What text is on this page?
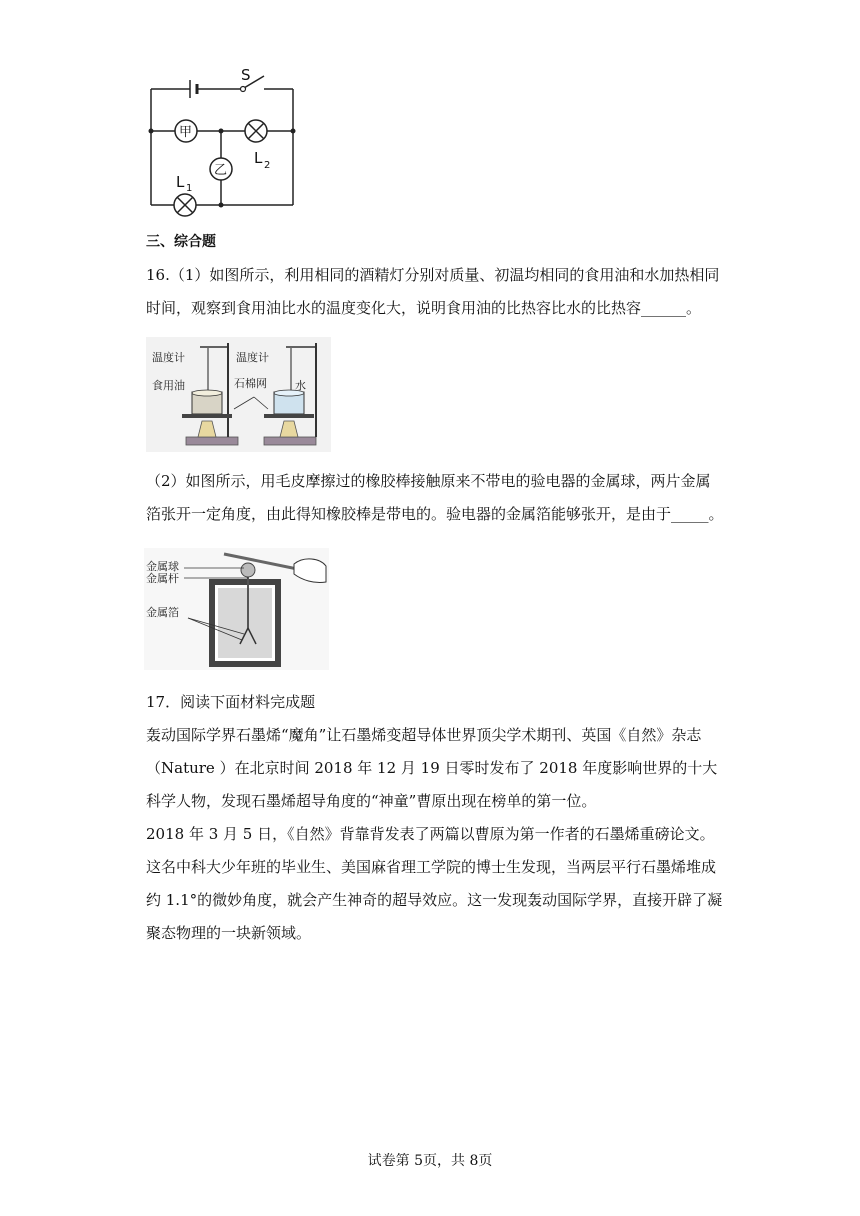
S
甲
乙
L 2
L 1
三、综合题
16.（1）如图所示，利用相同的酒精灯分别对质量、初温均相同的食用油和水加热相同
时间，观察到食用油比水的温度变化大，说明食用油的比热容比水的比热容______。
温度计
食用油
温度计
石棉网	水
（2）如图所示，用毛皮摩擦过的橡胶棒接触原来不带电的验电器的金属球，两片金属
箔张开一定角度，由此得知橡胶棒是带电的。验电器的金属箔能够张开，是由于_____。
金属球
金属杆
金属箔
17．阅读下面材料完成题
轰动国际学界石墨烯“魔角”让石墨烯变超导体世界顶尖学术期刊、英国《自然》杂志
（Nature ）在北京时间 2018 年 12 月 19 日零时发布了 2018 年度影响世界的十大
科学人物，发现石墨烯超导角度的“神童”曹原出现在榜单的第一位。
2018 年 3 月 5 日，《自然》背靠背发表了两篇以曹原为第一作者的石墨烯重磅论文。
这名中科大少年班的毕业生、美国麻省理工学院的博士生发现，当两层平行石墨烯堆成
约 1.1°的微妙角度，就会产生神奇的超导效应。这一发现轰动国际学界，直接开辟了凝
聚态物理的一块新领域。
试卷第 5页，共 8页
